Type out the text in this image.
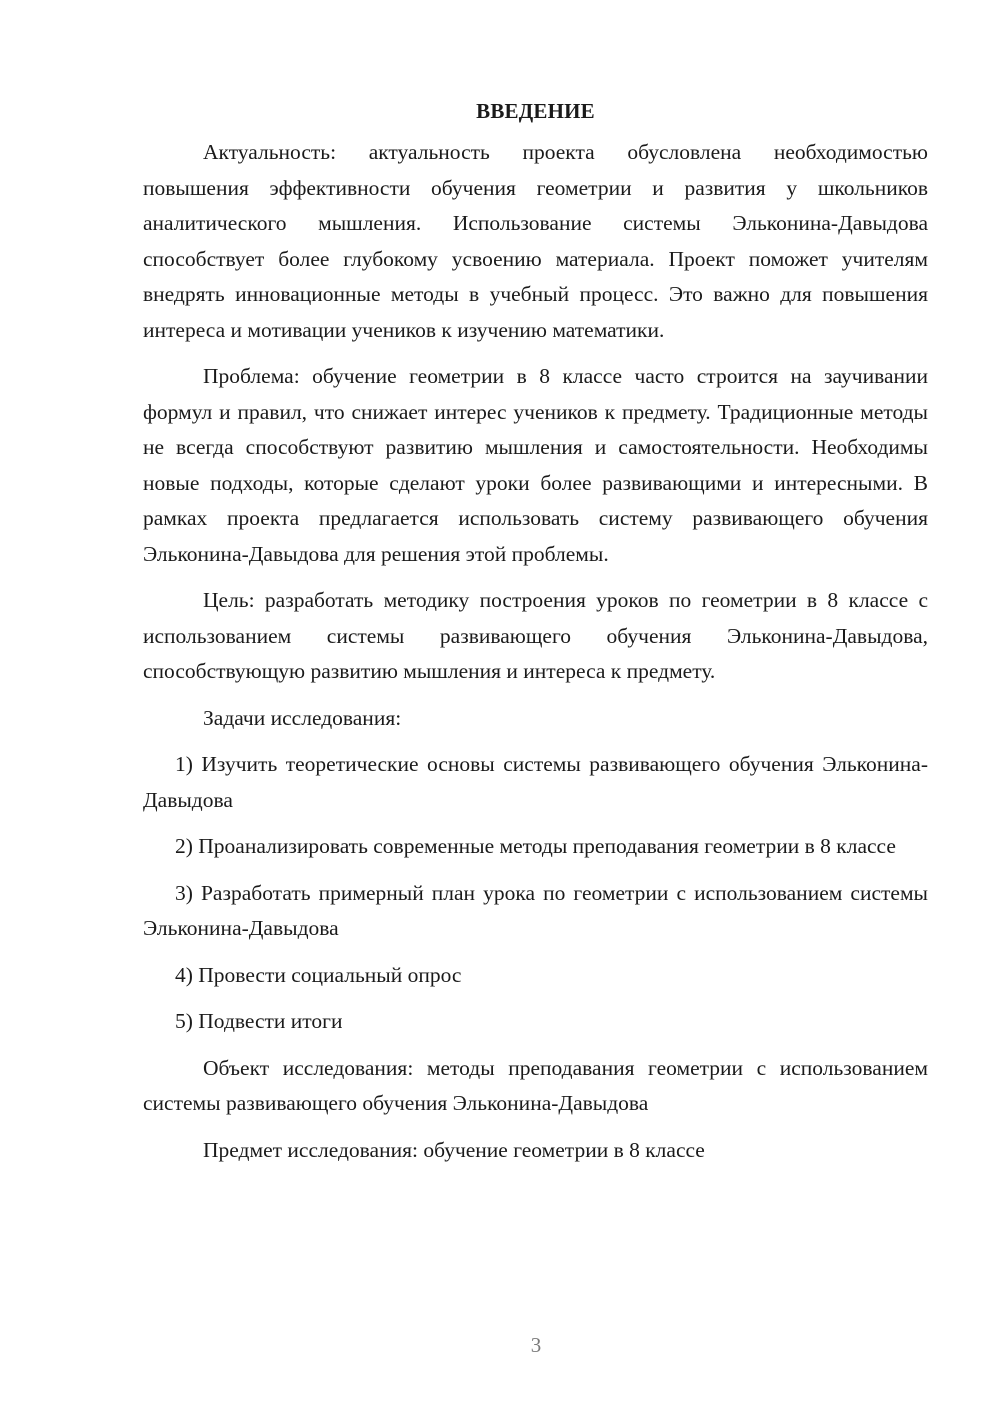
ВВЕДЕНИЕ

Актуальность: актуальность проекта обусловлена необходимостью повышения эффективности обучения геометрии и развития у школьников аналитического мышления. Использование системы Эльконина-Давыдова способствует более глубокому усвоению материала. Проект поможет учителям внедрять инновационные методы в учебный процесс. Это важно для повышения интереса и мотивации учеников к изучению математики.

Проблема: обучение геометрии в 8 классе часто строится на заучивании формул и правил, что снижает интерес учеников к предмету. Традиционные методы не всегда способствуют развитию мышления и самостоятельности. Необходимы новые подходы, которые сделают уроки более развивающими и интересными. В рамках проекта предлагается использовать систему развивающего обучения Эльконина-Давыдова для решения этой проблемы.

Цель: разработать методику построения уроков по геометрии в 8 классе с использованием системы развивающего обучения Эльконина-Давыдова, способствующую развитию мышления и интереса к предмету.

Задачи исследования:

1) Изучить теоретические основы системы развивающего обучения Эльконина-Давыдова

2) Проанализировать современные методы преподавания геометрии в 8 классе

3) Разработать примерный план урока по геометрии с использованием системы Эльконина-Давыдова

4) Провести социальный опрос

5) Подвести итоги

Объект исследования: методы преподавания геометрии с использованием системы развивающего обучения Эльконина-Давыдова

Предмет исследования: обучение геометрии в 8 классе

3
